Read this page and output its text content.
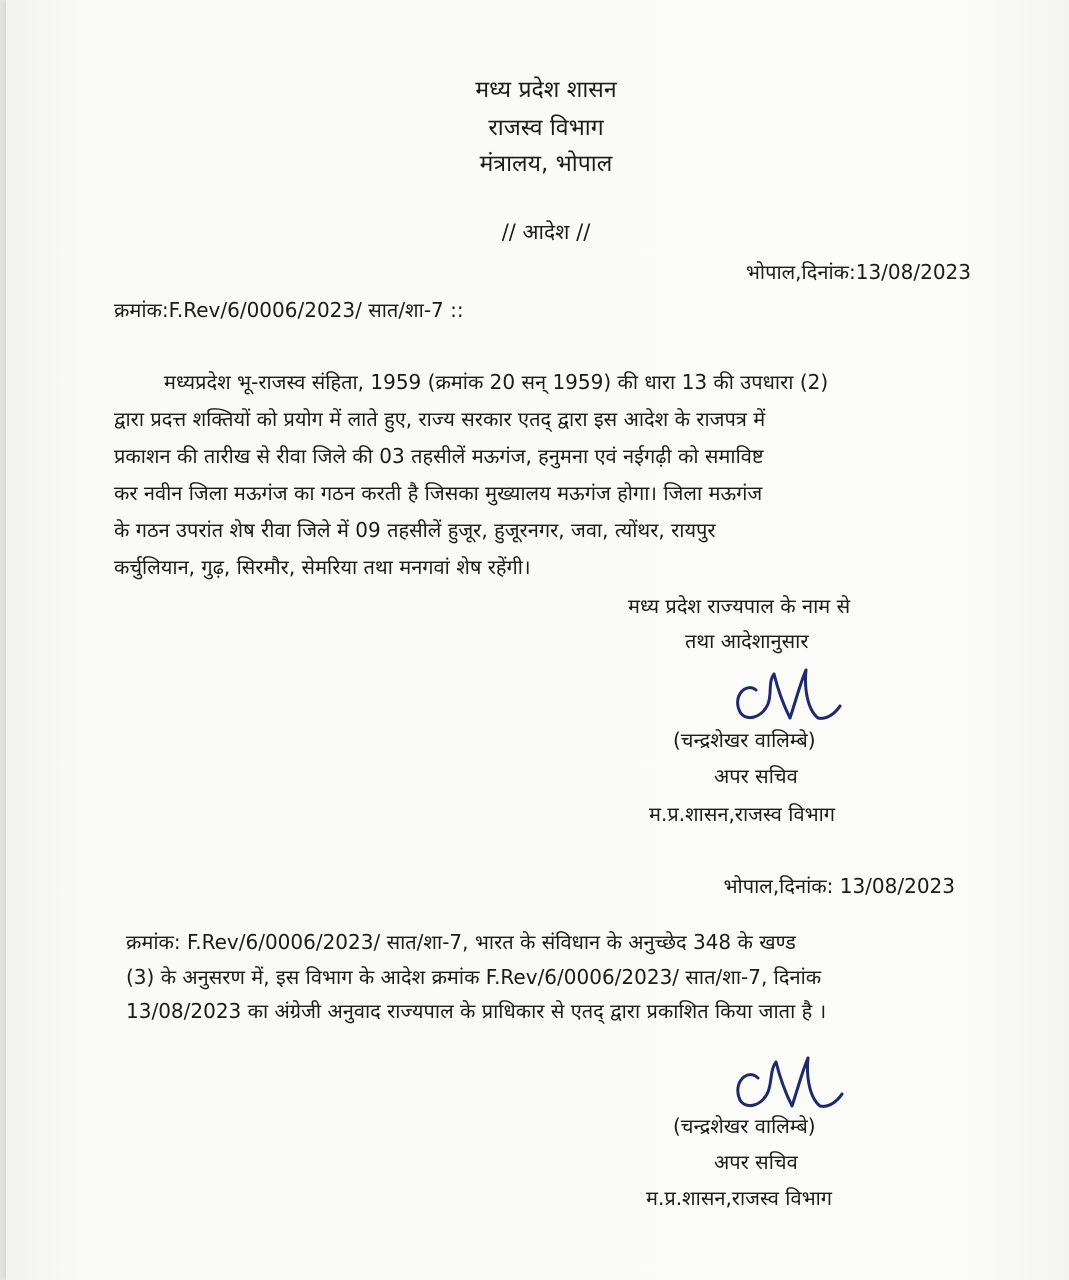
मध्य प्रदेश शासन
राजस्व विभाग
मंत्रालय, भोपाल
// आदेश //
भोपाल,दिनांक:13/08/2023
क्रमांक:F.Rev/6/0006/2023/ सात/शा-7 ::
मध्यप्रदेश भू-राजस्व संहिता, 1959 (क्रमांक 20 सन् 1959) की धारा 13 की उपधारा (2)
द्वारा प्रदत्त शक्तियों को प्रयोग में लाते हुए, राज्य सरकार एतद् द्वारा इस आदेश के राजपत्र में
प्रकाशन की तारीख से रीवा जिले की 03 तहसीलें मऊगंज, हनुमना एवं नईगढ़ी को समाविष्ट
कर नवीन जिला मऊगंज का गठन करती है जिसका मुख्यालय मऊगंज होगा। जिला मऊगंज
के गठन उपरांत शेष रीवा जिले में 09 तहसीलें हुजूर, हुजूरनगर, जवा, त्योंथर, रायपुर
कर्चुलियान, गुढ़, सिरमौर, सेमरिया तथा मनगवां शेष रहेंगी।
मध्य प्रदेश राज्यपाल के नाम से
तथा आदेशानुसार
(चन्द्रशेखर वालिम्बे)
अपर सचिव
म.प्र.शासन,राजस्व विभाग
भोपाल,दिनांक: 13/08/2023
क्रमांक: F.Rev/6/0006/2023/ सात/शा-7, भारत के संविधान के अनुच्छेद 348 के खण्ड
(3) के अनुसरण में, इस विभाग के आदेश क्रमांक F.Rev/6/0006/2023/ सात/शा-7, दिनांक
13/08/2023 का अंग्रेजी अनुवाद राज्यपाल के प्राधिकार से एतद् द्वारा प्रकाशित किया जाता है ।
(चन्द्रशेखर वालिम्बे)
अपर सचिव
म.प्र.शासन,राजस्व विभाग
